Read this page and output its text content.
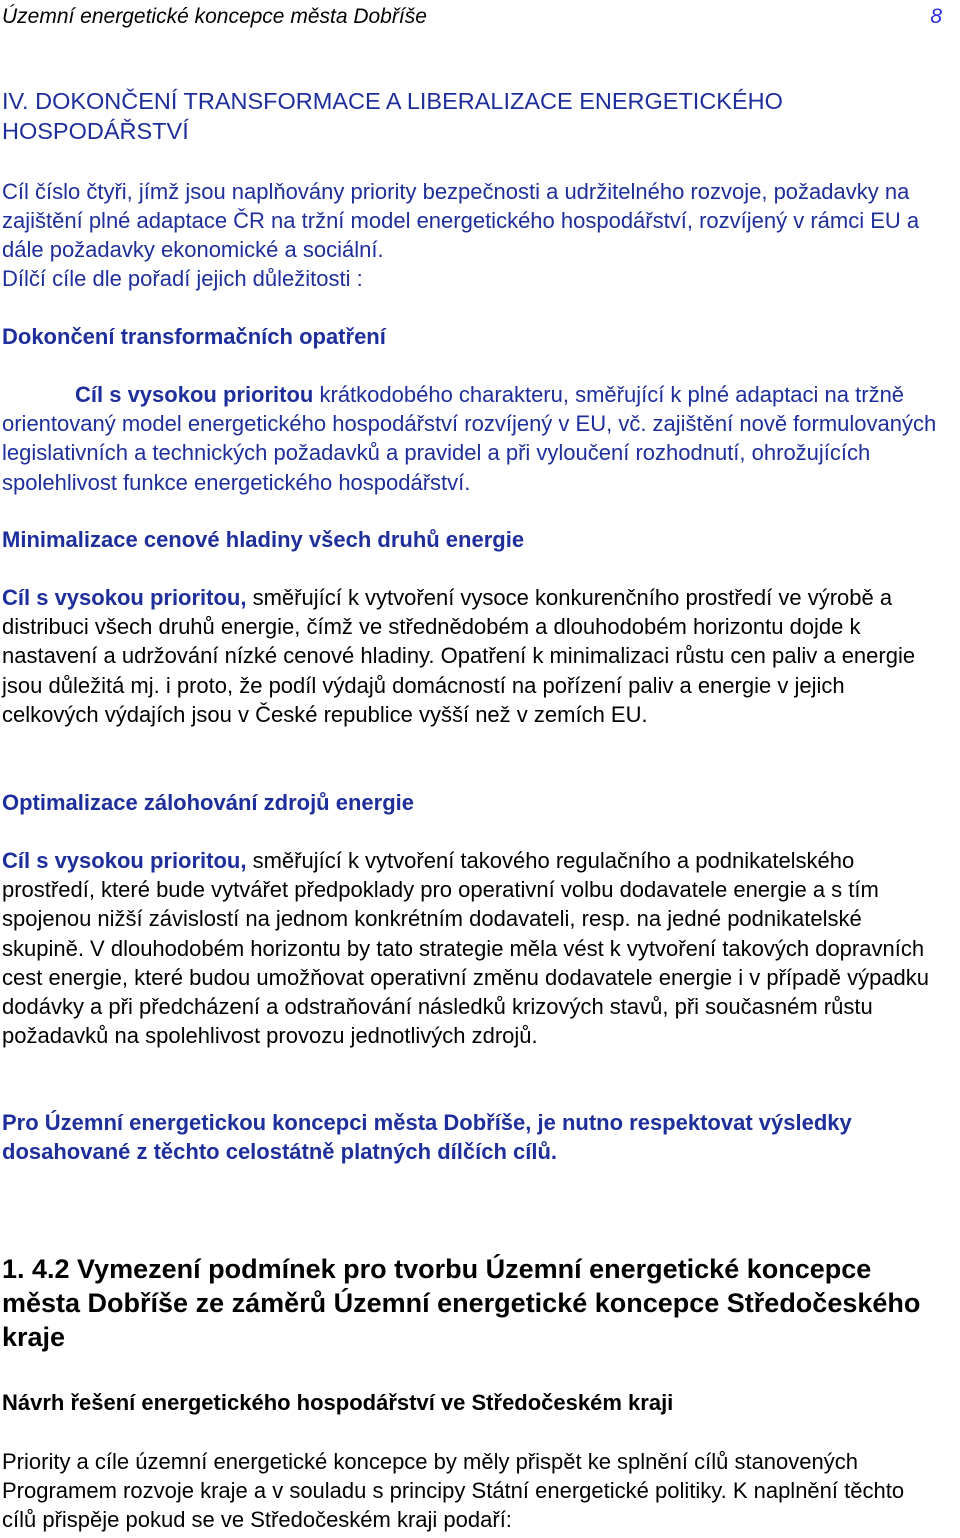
Územní energetické koncepce města Dobříše	8
IV. DOKONČENÍ TRANSFORMACE A LIBERALIZACE ENERGETICKÉHO HOSPODÁŘSTVÍ
Cíl číslo čtyři, jímž jsou naplňovány priority bezpečnosti a udržitelného rozvoje, požadavky na zajištění plné adaptace ČR na tržní model energetického hospodářství, rozvíjený v rámci EU a dále požadavky ekonomické a sociální.
Dílčí cíle dle pořadí jejich důležitosti :
Dokončení transformačních opatření
Cíl s vysokou prioritou krátkodobého charakteru, směřující k plné adaptaci na tržně orientovaný model energetického hospodářství rozvíjený v EU, vč. zajištění nově formulovaných legislativních a technických požadavků a pravidel a při vyloučení rozhodnutí, ohrožujících spolehlivost funkce energetického hospodářství.
Minimalizace cenové hladiny všech druhů energie
Cíl s vysokou prioritou, směřující k vytvoření vysoce konkurenčního prostředí ve výrobě a distribuci všech druhů energie, čímž ve střednědobém a dlouhodobém horizontu dojde k nastavení a udržování nízké cenové hladiny. Opatření k minimalizaci růstu cen paliv a energie jsou důležitá mj. i proto, že podíl výdajů domácností na pořízení paliv a energie v jejich celkových výdajích jsou v České republice vyšší než v zemích EU.
Optimalizace zálohování zdrojů energie
Cíl s vysokou prioritou, směřující k vytvoření takového regulačního a podnikatelského prostředí, které bude vytvářet předpoklady pro operativní volbu dodavatele energie a s tím spojenou nižší závislostí na jednom konkrétním dodavateli, resp. na jedné podnikatelské skupině. V dlouhodobém horizontu by tato strategie měla vést k vytvoření takových dopravních cest energie, které budou umožňovat operativní změnu dodavatele energie i v případě výpadku dodávky a při předcházení a odstraňování následků krizových stavů, při současném růstu požadavků na spolehlivost provozu jednotlivých zdrojů.
Pro Územní energetickou koncepci města Dobříše, je nutno respektovat výsledky dosahované z těchto celostátně platných dílčích cílů.
1. 4.2 Vymezení podmínek pro tvorbu Územní energetické koncepce města Dobříše ze záměrů Územní energetické koncepce Středočeského kraje
Návrh řešení energetického hospodářství ve Středočeském kraji
Priority a cíle územní energetické koncepce by měly přispět ke splnění cílů stanovených Programem rozvoje kraje a v souladu s principy Státní energetické politiky. K naplnění těchto cílů přispěje pokud se ve Středočeském kraji podaří:
